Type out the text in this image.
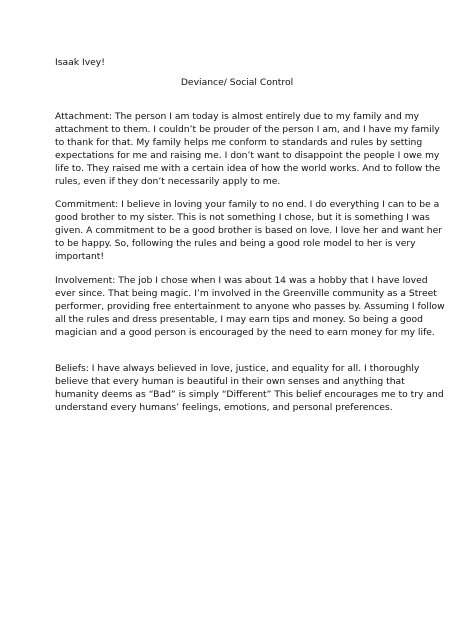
Isaak Ivey!
Deviance/ Social Control
Attachment: The person I am today is almost entirely due to my family and my
attachment to them. I couldn’t be prouder of the person I am, and I have my family
to thank for that. My family helps me conform to standards and rules by setting
expectations for me and raising me. I don’t want to disappoint the people I owe my
life to. They raised me with a certain idea of how the world works. And to follow the
rules, even if they don’t necessarily apply to me.
Commitment: I believe in loving your family to no end. I do everything I can to be a
good brother to my sister. This is not something I chose, but it is something I was
given. A commitment to be a good brother is based on love. I love her and want her
to be happy. So, following the rules and being a good role model to her is very
important!
Involvement: The job I chose when I was about 14 was a hobby that I have loved
ever since. That being magic. I’m involved in the Greenville community as a Street
performer, providing free entertainment to anyone who passes by. Assuming I follow
all the rules and dress presentable, I may earn tips and money. So being a good
magician and a good person is encouraged by the need to earn money for my life.
Beliefs: I have always believed in love, justice, and equality for all. I thoroughly
believe that every human is beautiful in their own senses and anything that
humanity deems as “Bad” is simply “Different” This belief encourages me to try and
understand every humans’ feelings, emotions, and personal preferences.
